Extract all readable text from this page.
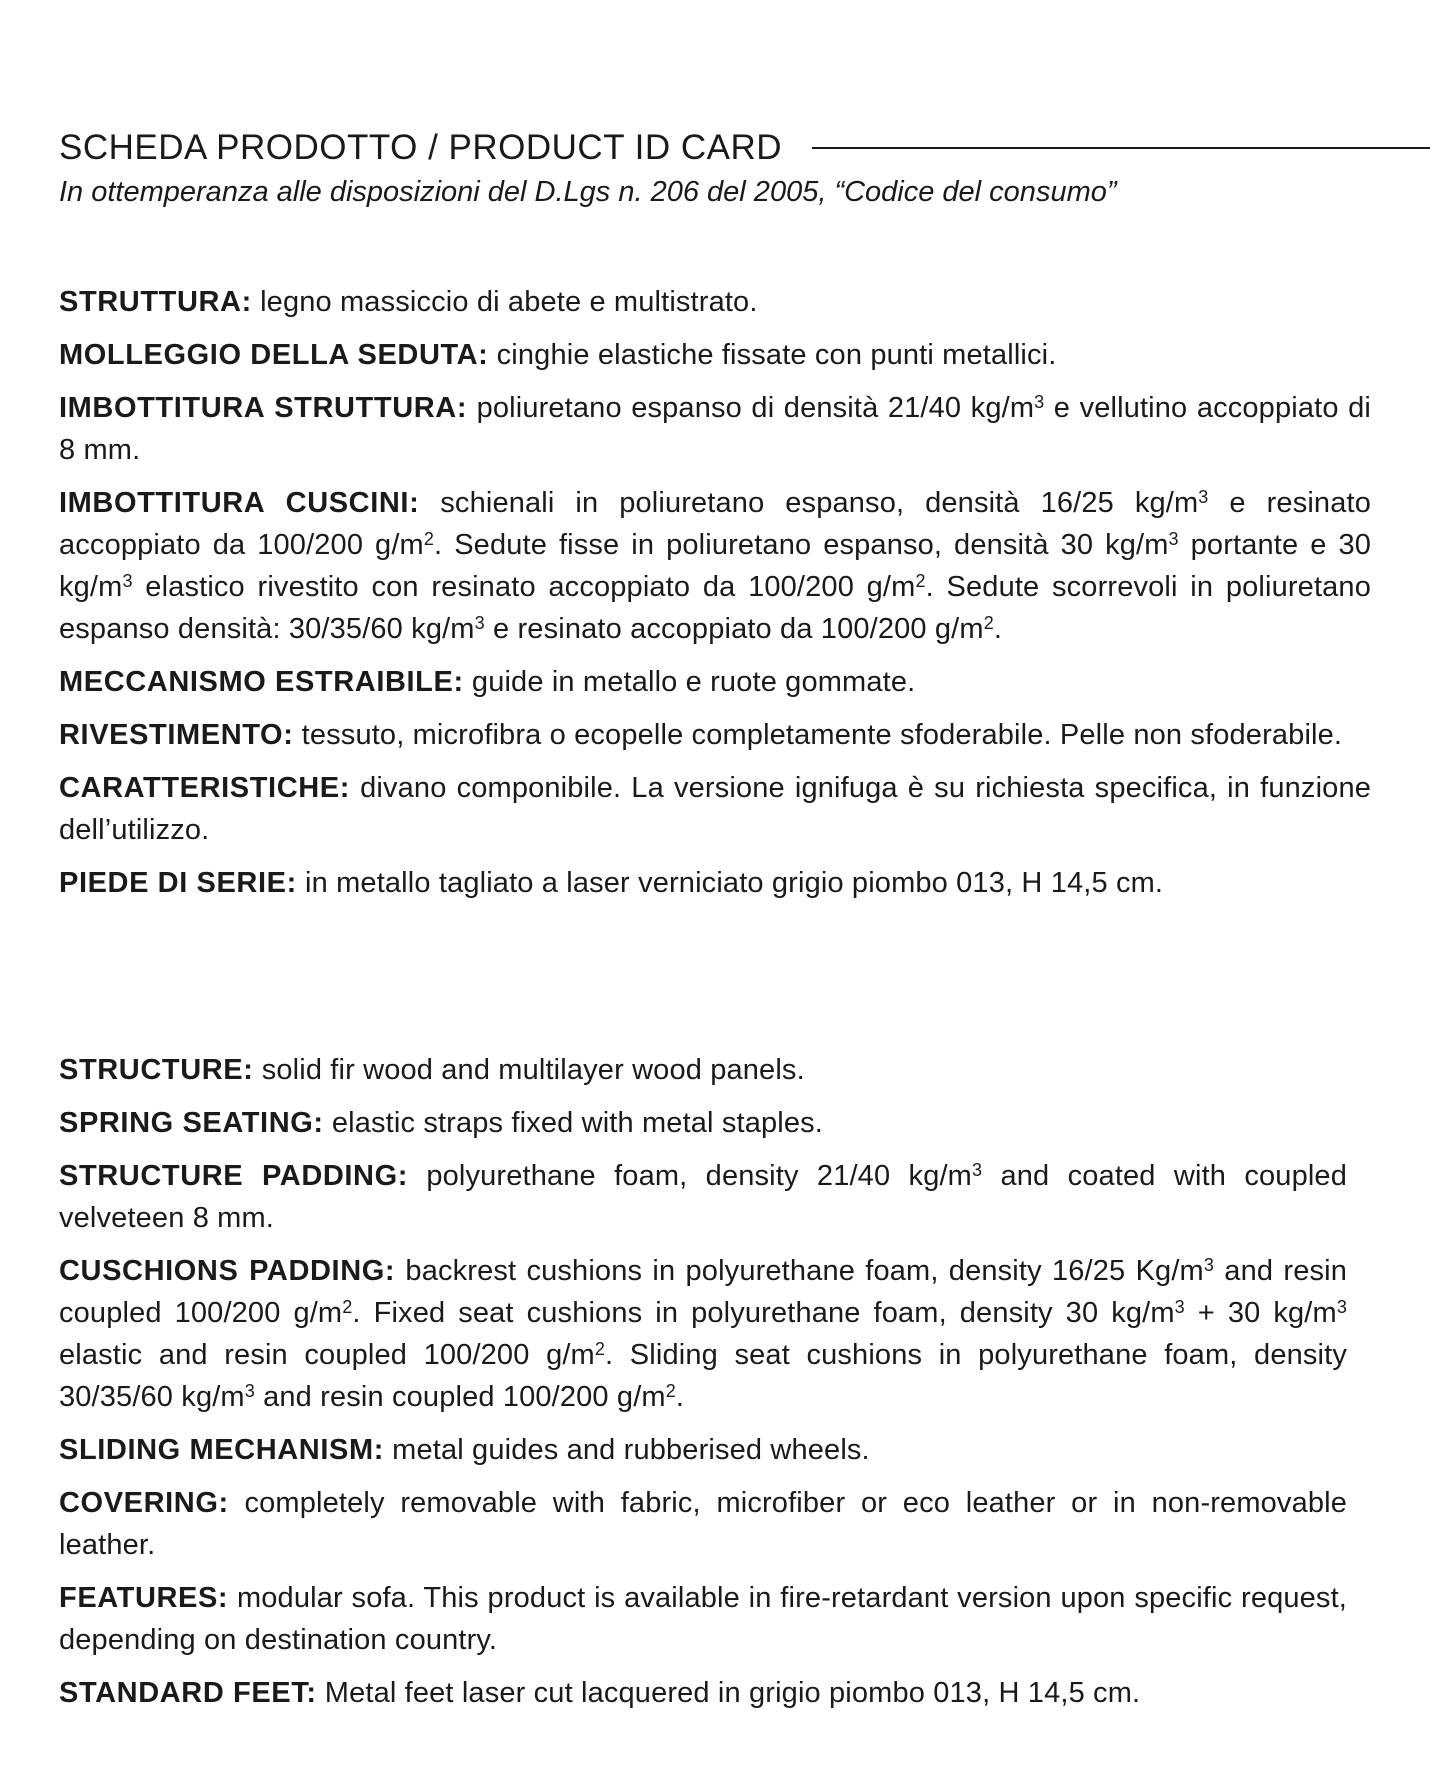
SCHEDA PRODOTTO / PRODUCT ID CARD
In ottemperanza alle disposizioni del D.Lgs n. 206 del 2005, “Codice del consumo”

STRUTTURA: legno massiccio di abete e multistrato.

MOLLEGGIO DELLA SEDUTA: cinghie elastiche fissate con punti metallici.

IMBOTTITURA STRUTTURA: poliuretano espanso di densità 21/40 $kg/m^3$ e vellutino accoppiato di 8 mm.

IMBOTTITURA CUSCINI: schienali in poliuretano espanso, densità 16/25 $kg/m^3$ e resinato accoppiato da 100/200 $g/m^2$. Sedute fisse in poliuretano espanso, densità 30 $kg/m^3$ portante e 30 $kg/m^3$ elastico rivestito con resinato accoppiato da 100/200 $g/m^2$. Sedute scorrevoli in poliuretano espanso densità: 30/35/60 $kg/m^3$ e resinato accoppiato da 100/200 $g/m^2$.

MECCANISMO ESTRAIBILE: guide in metallo e ruote gommate.

RIVESTIMENTO: tessuto, microfibra o ecopelle completamente sfoderabile. Pelle non sfoderabile.

CARATTERISTICHE: divano componibile. La versione ignifuga è su richiesta specifica, in funzione dell’utilizzo.

PIEDE DI SERIE: in metallo tagliato a laser verniciato grigio piombo 013, H 14,5 cm.

STRUCTURE: solid fir wood and multilayer wood panels.

SPRING SEATING: elastic straps fixed with metal staples.

STRUCTURE PADDING: polyurethane foam, density 21/40 $kg/m^3$ and coated with coupled velveteen 8 mm.

CUSCHIONS PADDING: backrest cushions in polyurethane foam, density 16/25 $Kg/m^3$ and resin coupled 100/200 $g/m^2$. Fixed seat cushions in polyurethane foam, density 30 $kg/m^3 + 30$ $kg/m^3$ elastic and resin coupled 100/200 $g/m^2$. Sliding seat cushions in polyurethane foam, density 30/35/60 $kg/m^3$ and resin coupled 100/200 $g/m^2$.

SLIDING MECHANISM: metal guides and rubberised wheels.

COVERING: completely removable with fabric, microfiber or eco leather or in non-removable leather.

FEATURES: modular sofa. This product is available in fire-retardant version upon specific request, depending on destination country.

STANDARD FEET: Metal feet laser cut lacquered in grigio piombo 013, H 14,5 cm.
